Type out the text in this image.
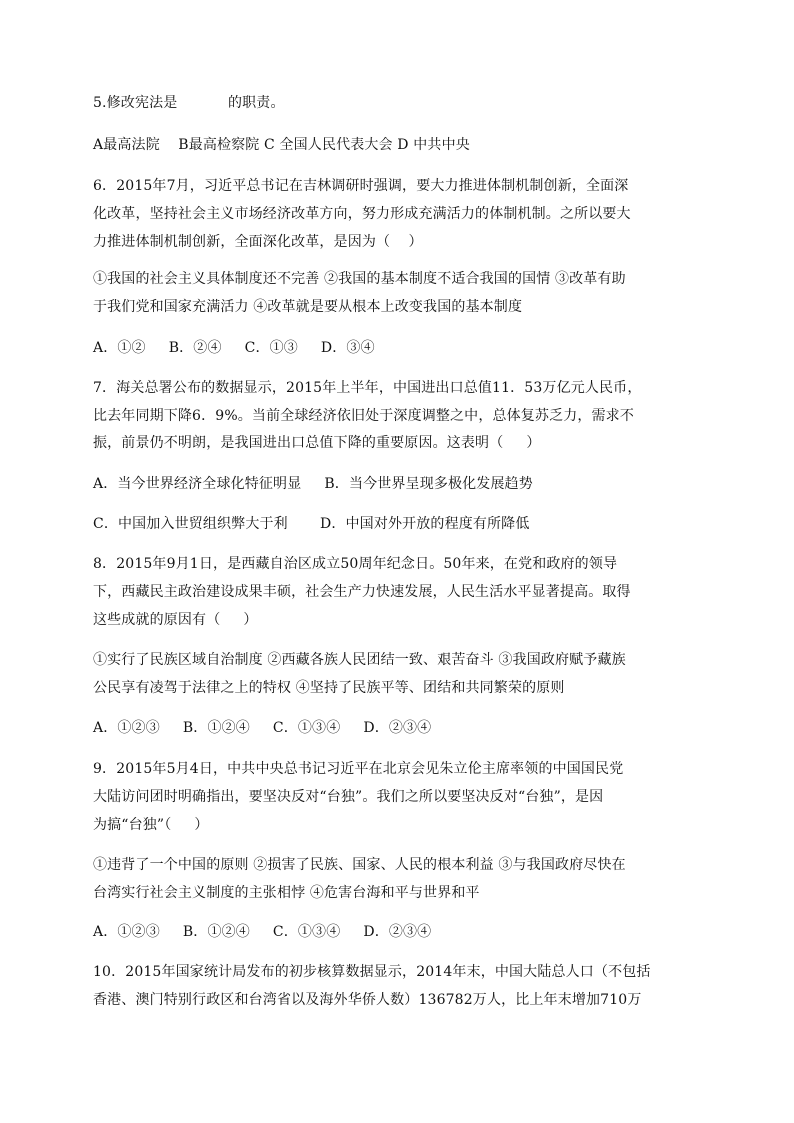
5.修改宪法是           的职责。
A最高法院    B最高检察院 C 全国人民代表大会 D 中共中央
6．2015年7月，习近平总书记在吉林调研时强调，要大力推进体制机制创新，全面深
化改革，坚持社会主义市场经济改革方向，努力形成充满活力的体制机制。之所以要大
力推进体制机制创新，全面深化改革，是因为（    ）
①我国的社会主义具体制度还不完善 ②我国的基本制度不适合我国的国情 ③改革有助
于我们党和国家充满活力 ④改革就是要从根本上改变我国的基本制度
A．①②     B．②④     C．①③     D．③④
7．海关总署公布的数据显示，2015年上半年，中国进出口总值11．53万亿元人民币，
比去年同期下降6．9%。当前全球经济依旧处于深度调整之中，总体复苏乏力，需求不
振，前景仍不明朗，是我国进出口总值下降的重要原因。这表明（     ）
A．当今世界经济全球化特征明显     B．当今世界呈现多极化发展趋势
C．中国加入世贸组织弊大于利       D．中国对外开放的程度有所降低
8．2015年9月1日，是西藏自治区成立50周年纪念日。50年来，在党和政府的领导
下，西藏民主政治建设成果丰硕，社会生产力快速发展，人民生活水平显著提高。取得
这些成就的原因有（     ）
①实行了民族区域自治制度 ②西藏各族人民团结一致、艰苦奋斗 ③我国政府赋予藏族
公民享有凌驾于法律之上的特权 ④坚持了民族平等、团结和共同繁荣的原则
A．①②③     B．①②④     C．①③④     D．②③④
9．2015年5月4日，中共中央总书记习近平在北京会见朱立伦主席率领的中国国民党
大陆访问团时明确指出，要坚决反对“台独”。我们之所以要坚决反对“台独”，是因
为搞“台独”（     ）
①违背了一个中国的原则 ②损害了民族、国家、人民的根本利益 ③与我国政府尽快在
台湾实行社会主义制度的主张相悖 ④危害台海和平与世界和平
A．①②③     B．①②④     C．①③④     D．②③④
10．2015年国家统计局发布的初步核算数据显示，2014年末，中国大陆总人口（不包括
香港、澳门特别行政区和台湾省以及海外华侨人数）136782万人，比上年末增加710万
